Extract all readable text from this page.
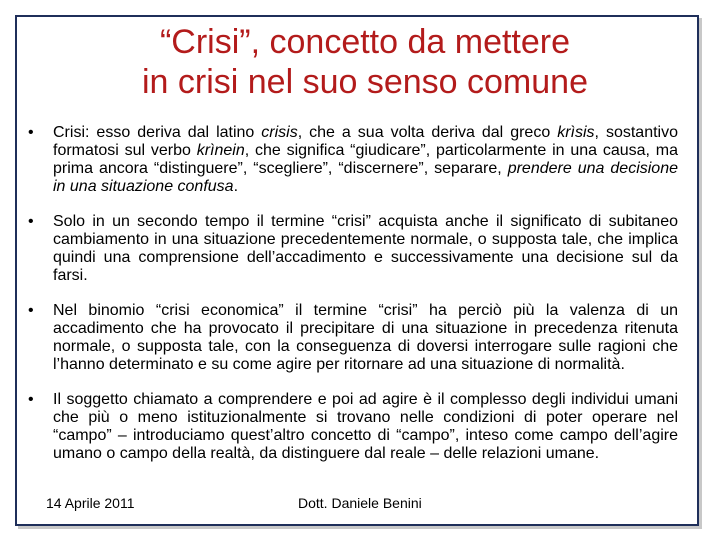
“Crisi”, concetto da mettere
in crisi nel suo senso comune

• Crisi: esso deriva dal latino crisis, che a sua volta deriva dal greco krìsis, sostantivo formatosi sul verbo krìnein, che significa “giudicare”, particolarmente in una causa, ma prima ancora “distinguere”, “scegliere”, “discernere”, separare, prendere una decisione in una situazione confusa.

• Solo in un secondo tempo il termine “crisi” acquista anche il significato di subitaneo cambiamento in una situazione precedentemente normale, o supposta tale, che implica quindi una comprensione dell’accadimento e successivamente una decisione sul da farsi.

• Nel binomio “crisi economica” il termine “crisi” ha perciò più la valenza di un accadimento che ha provocato il precipitare di una situazione in precedenza ritenuta normale, o supposta tale, con la conseguenza di doversi interrogare sulle ragioni che l’hanno determinato e su come agire per ritornare ad una situazione di normalità.

• Il soggetto chiamato a comprendere e poi ad agire è il complesso degli individui umani che più o meno istituzionalmente si trovano nelle condizioni di poter operare nel “campo” – introduciamo quest’altro concetto di “campo”, inteso come campo dell’agire umano o campo della realtà, da distinguere dal reale – delle relazioni umane.

14 Aprile 2011	Dott. Daniele Benini
